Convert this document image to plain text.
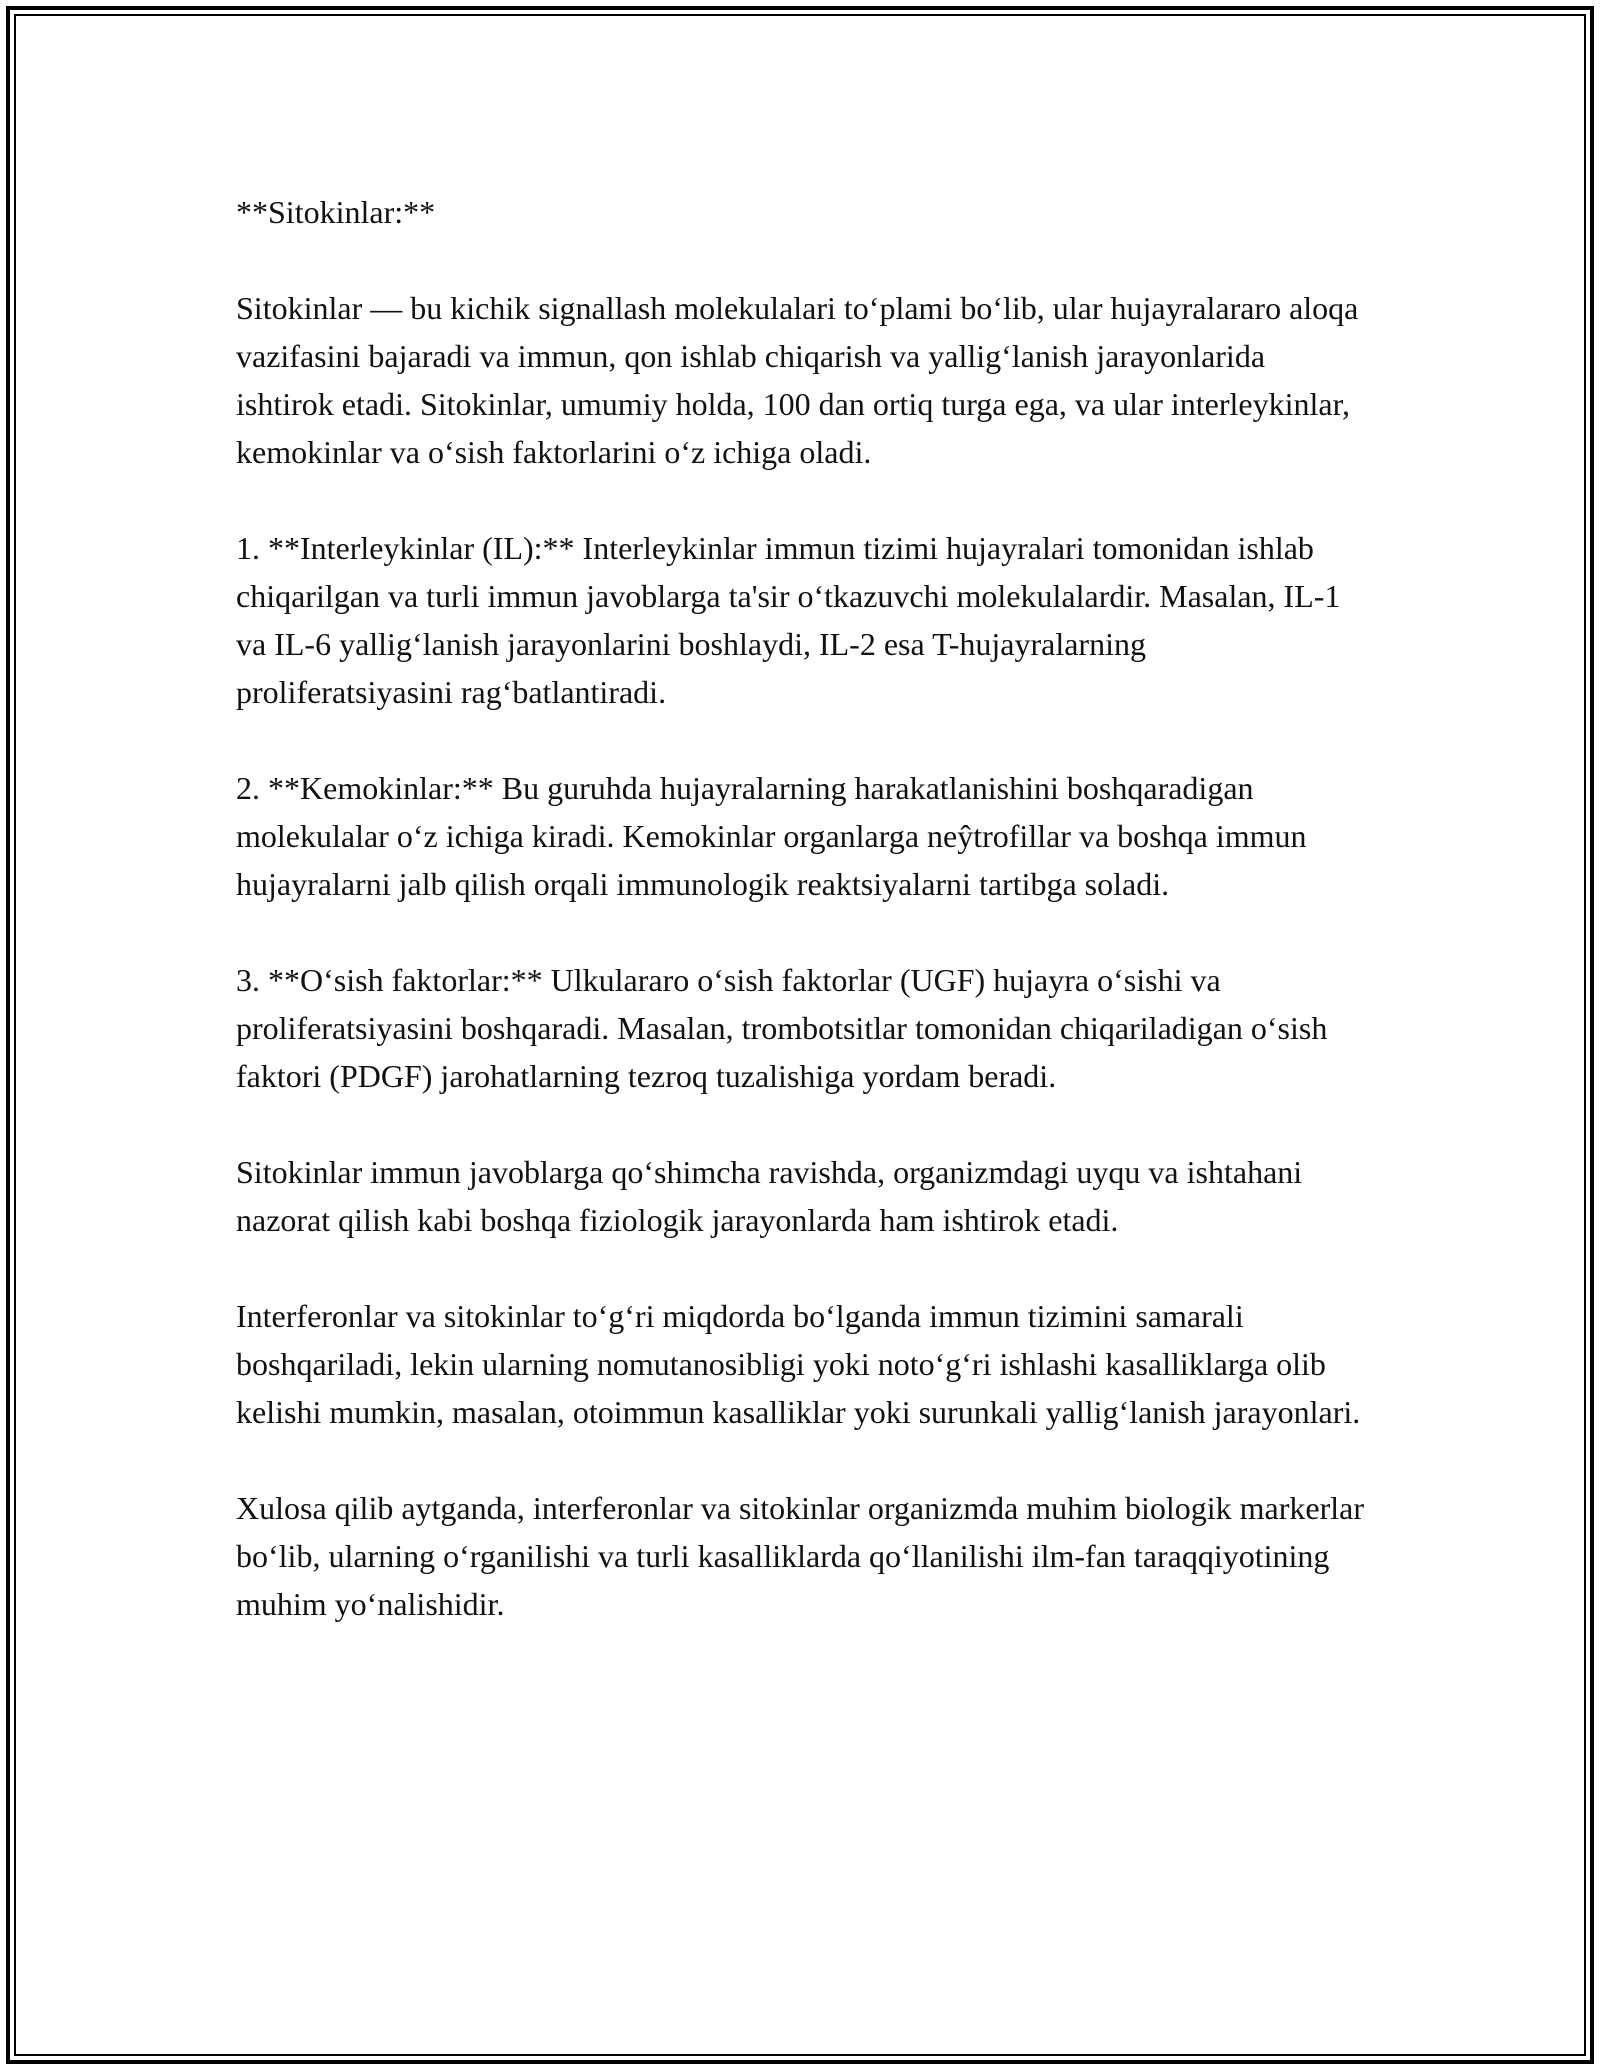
**Sitokinlar:**

Sitokinlar — bu kichik signallash molekulalari to‘plami bo‘lib, ular hujayralararo aloqa vazifasini bajaradi va immun, qon ishlab chiqarish va yallig‘lanish jarayonlarida ishtirok etadi. Sitokinlar, umumiy holda, 100 dan ortiq turga ega, va ular interleykinlar, kemokinlar va o‘sish faktorlarini o‘z ichiga oladi.

1. **Interleykinlar (IL):** Interleykinlar immun tizimi hujayralari tomonidan ishlab chiqarilgan va turli immun javoblarga ta'sir o‘tkazuvchi molekulalardir. Masalan, IL-1 va IL-6 yallig‘lanish jarayonlarini boshlaydi, IL-2 esa T-hujayralarning proliferatsiyasini rag‘batlantiradi.

2. **Kemokinlar:** Bu guruhda hujayralarning harakatlanishini boshqaradigan molekulalar o‘z ichiga kiradi. Kemokinlar organlarga neŷtrofillar va boshqa immun hujayralarni jalb qilish orqali immunologik reaktsiyalarni tartibga soladi.

3. **O‘sish faktorlar:** Ulkulararo o‘sish faktorlar (UGF) hujayra o‘sishi va proliferatsiyasini boshqaradi. Masalan, trombotsitlar tomonidan chiqariladigan o‘sish faktori (PDGF) jarohatlarning tezroq tuzalishiga yordam beradi.

Sitokinlar immun javoblarga qo‘shimcha ravishda, organizmdagi uyqu va ishtahani nazorat qilish kabi boshqa fiziologik jarayonlarda ham ishtirok etadi.

Interferonlar va sitokinlar to‘g‘ri miqdorda bo‘lganda immun tizimini samarali boshqariladi, lekin ularning nomutanosibligi yoki noto‘g‘ri ishlashi kasalliklarga olib kelishi mumkin, masalan, otoimmun kasalliklar yoki surunkali yallig‘lanish jarayonlari.

Xulosa qilib aytganda, interferonlar va sitokinlar organizmda muhim biologik markerlar bo‘lib, ularning o‘rganilishi va turli kasalliklarda qo‘llanilishi ilm-fan taraqqiyotining muhim yo‘nalishidir.
